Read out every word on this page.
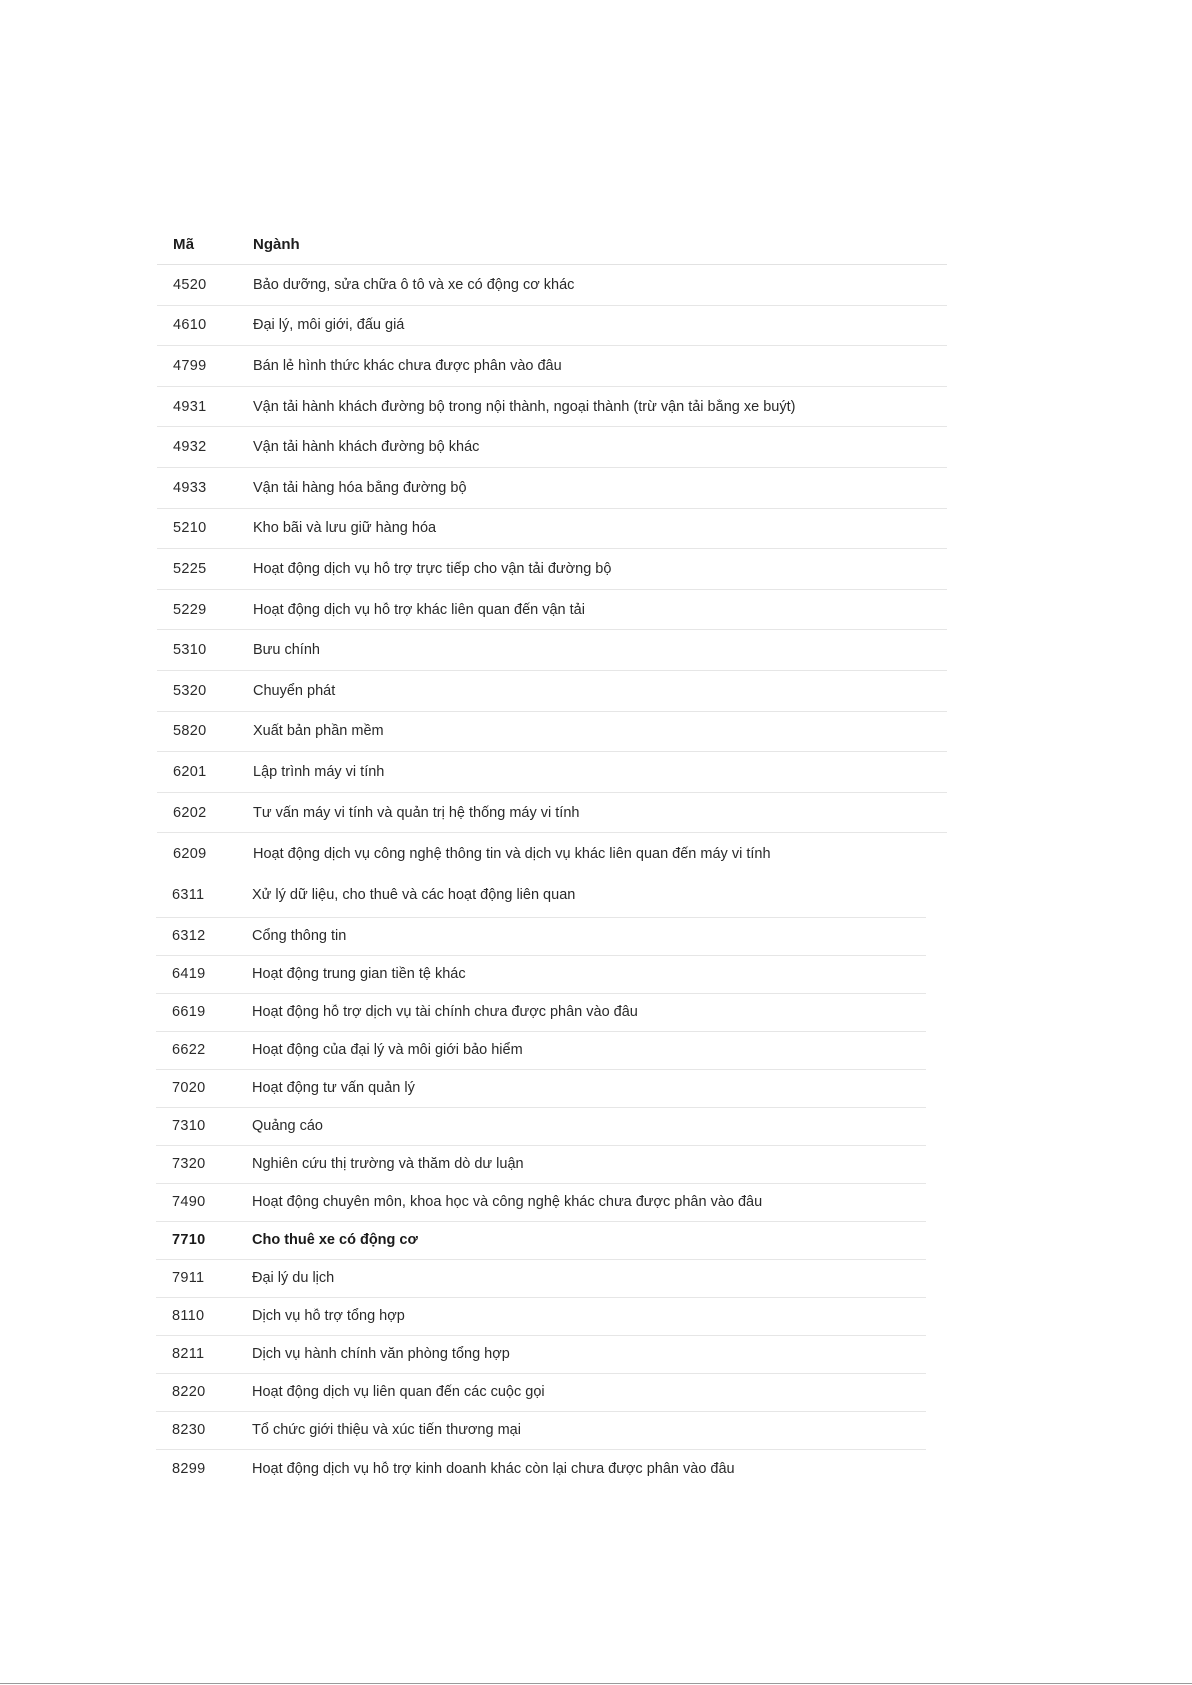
Mã	Ngành
4520	Bảo dưỡng, sửa chữa ô tô và xe có động cơ khác
4610	Đại lý, môi giới, đấu giá
4799	Bán lẻ hình thức khác chưa được phân vào đâu
4931	Vận tải hành khách đường bộ trong nội thành, ngoại thành (trừ vận tải bằng xe buýt)
4932	Vận tải hành khách đường bộ khác
4933	Vận tải hàng hóa bằng đường bộ
5210	Kho bãi và lưu giữ hàng hóa
5225	Hoạt động dịch vụ hỗ trợ trực tiếp cho vận tải đường bộ
5229	Hoạt động dịch vụ hỗ trợ khác liên quan đến vận tải
5310	Bưu chính
5320	Chuyển phát
5820	Xuất bản phần mềm
6201	Lập trình máy vi tính
6202	Tư vấn máy vi tính và quản trị hệ thống máy vi tính
6209	Hoạt động dịch vụ công nghệ thông tin và dịch vụ khác liên quan đến máy vi tính
6311	Xử lý dữ liệu, cho thuê và các hoạt động liên quan
6312	Cổng thông tin
6419	Hoạt động trung gian tiền tệ khác
6619	Hoạt động hỗ trợ dịch vụ tài chính chưa được phân vào đâu
6622	Hoạt động của đại lý và môi giới bảo hiểm
7020	Hoạt động tư vấn quản lý
7310	Quảng cáo
7320	Nghiên cứu thị trường và thăm dò dư luận
7490	Hoạt động chuyên môn, khoa học và công nghệ khác chưa được phân vào đâu
7710	Cho thuê xe có động cơ
7911	Đại lý du lịch
8110	Dịch vụ hỗ trợ tổng hợp
8211	Dịch vụ hành chính văn phòng tổng hợp
8220	Hoạt động dịch vụ liên quan đến các cuộc gọi
8230	Tổ chức giới thiệu và xúc tiến thương mại
8299	Hoạt động dịch vụ hỗ trợ kinh doanh khác còn lại chưa được phân vào đâu
